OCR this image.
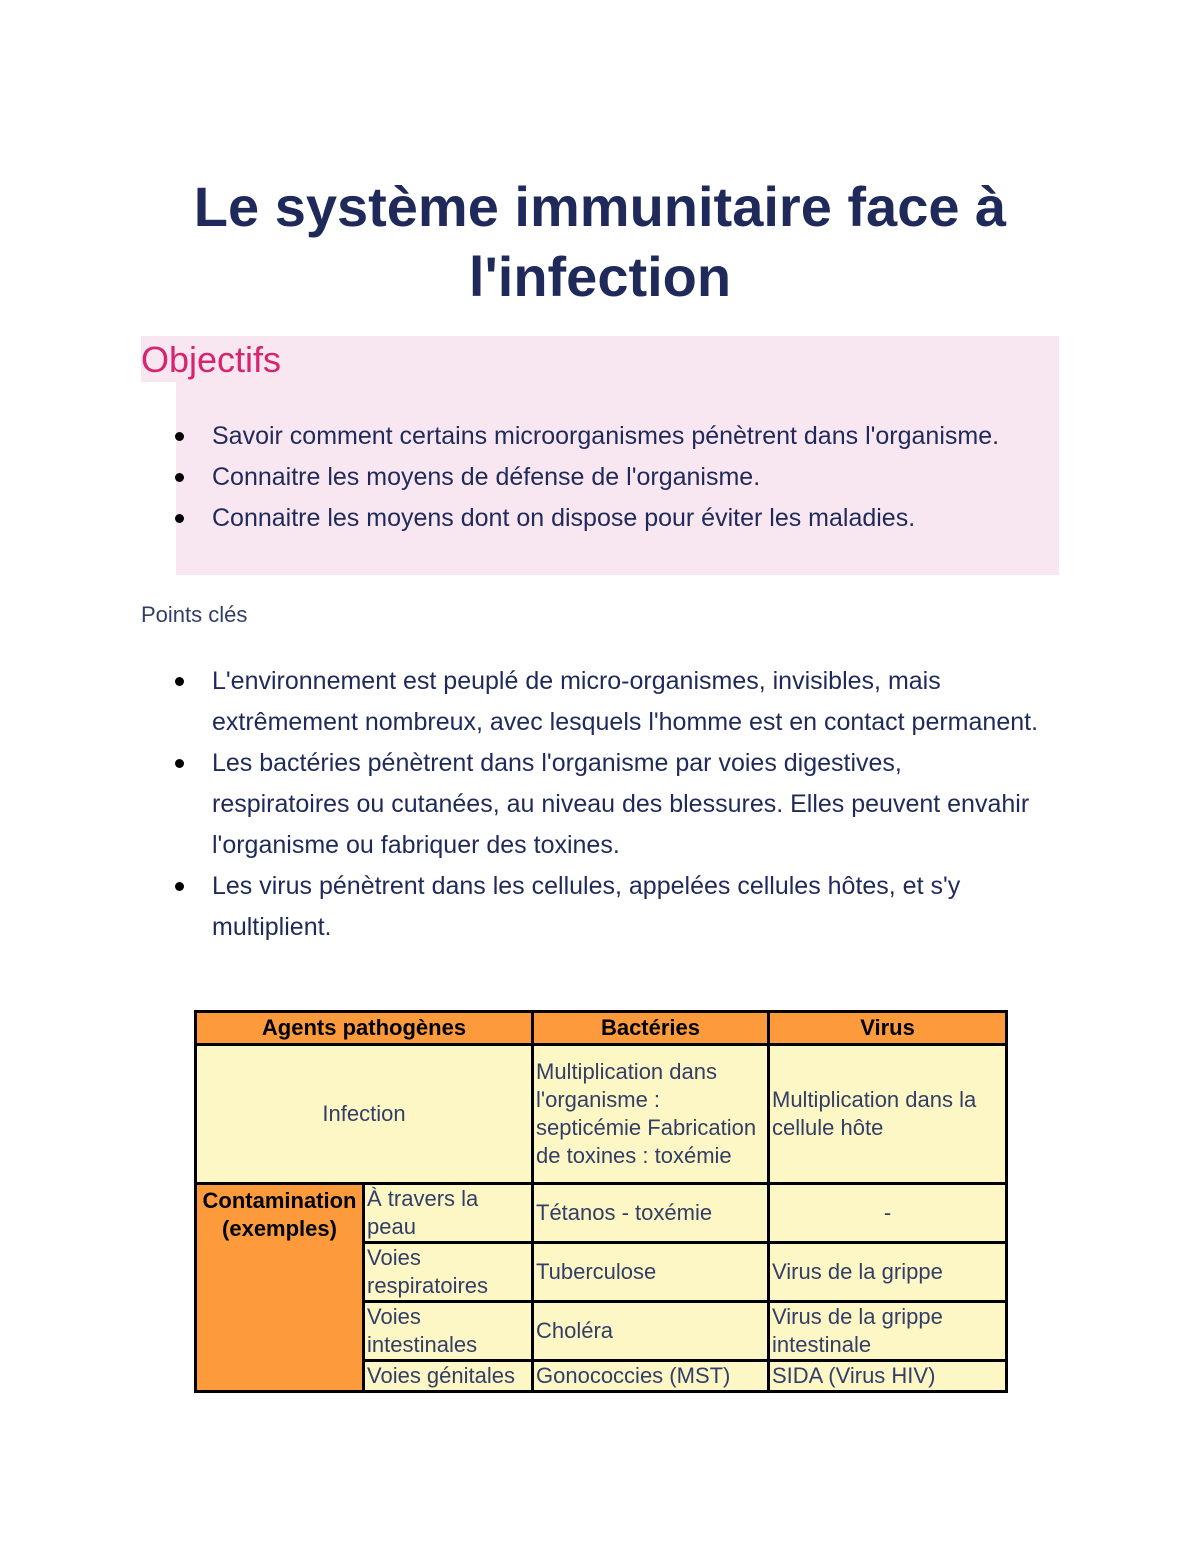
Le système immunitaire face à l'infection
Objectifs
Savoir comment certains microorganismes pénètrent dans l'organisme.
Connaitre les moyens de défense de l'organisme.
Connaitre les moyens dont on dispose pour éviter les maladies.
Points clés
L'environnement est peuplé de micro-organismes, invisibles, mais extrêmement nombreux, avec lesquels l'homme est en contact permanent.
Les bactéries pénètrent dans l'organisme par voies digestives, respiratoires ou cutanées, au niveau des blessures. Elles peuvent envahir l'organisme ou fabriquer des toxines.
Les virus pénètrent dans les cellules, appelées cellules hôtes, et s'y multiplient.
Agents pathogènes		Bactéries	Virus
Infection		Multiplication dans l'organisme : septicémie Fabrication de toxines : toxémie	Multiplication dans la cellule hôte
Contamination (exemples)	À travers la peau	Tétanos - toxémie	-
	Voies respiratoires	Tuberculose	Virus de la grippe
	Voies intestinales	Choléra	Virus de la grippe intestinale
	Voies génitales	Gonococcies (MST)	SIDA (Virus HIV)
